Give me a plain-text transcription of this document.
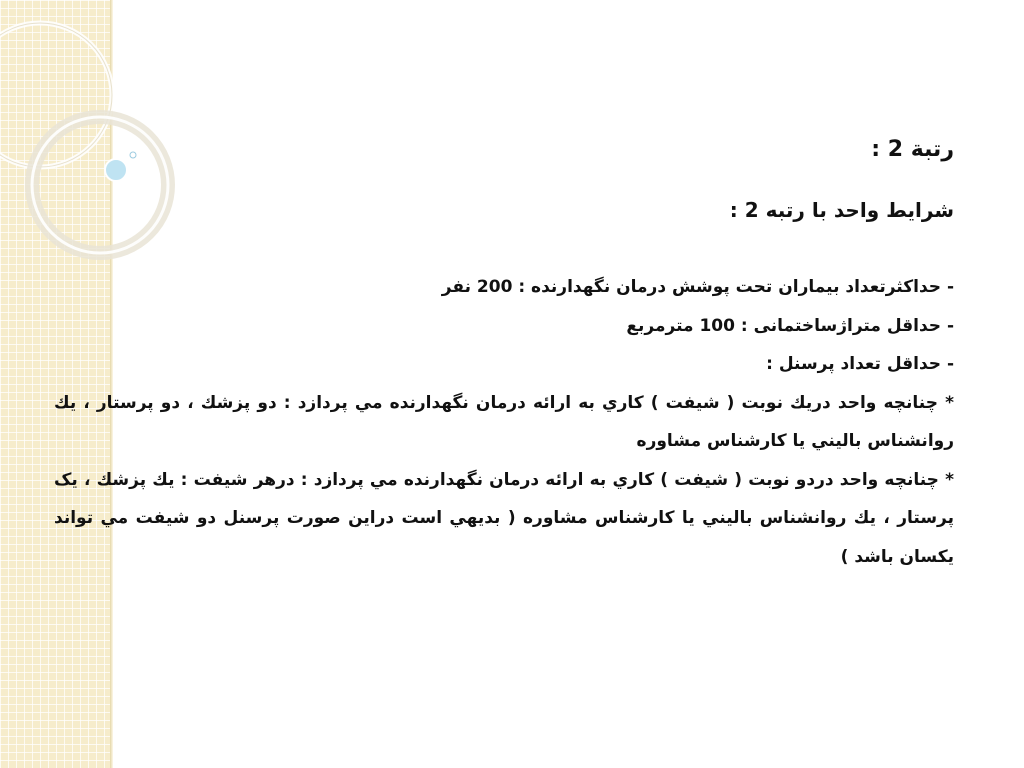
رتبة 2 :
شرايط واحد با رتبه 2 :
- حداكثرتعداد بيماران تحت پوشش درمان نگهدارنده : 200 نفر
- حداقل متراژساختمانى : 100 مترمربع
- حداقل تعداد پرسنل :
* چنانچه واحد دريك نوبت ( شيفت ) كاري به ارائه درمان نگهدارنده مي پردازد : دو پزشك ، دو پرستار ، يك روانشناس باليني يا كارشناس مشاوره
* چنانچه واحد دردو نوبت ( شيفت ) كاري به ارائه درمان نگهدارنده مي پردازد : درهر شيفت : يك پزشك ، يک پرستار ، يك روانشناس باليني يا كارشناس مشاوره ( بديهي است دراين صورت پرسنل دو شيفت مي تواند يكسان باشد )
